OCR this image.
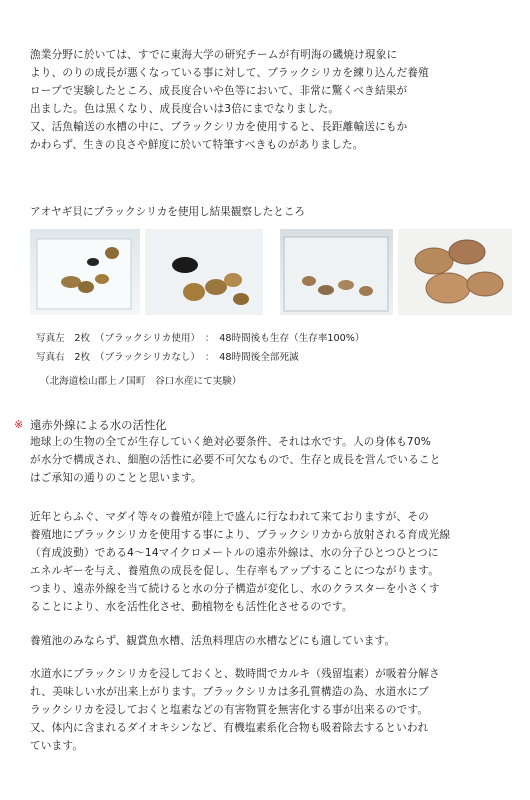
漁業分野に於いては、すでに東海大学の研究チームが有明海の磯焼け現象に
より、のりの成長が悪くなっている事に対して、ブラックシリカを練り込んだ養殖
ロープで実験したところ、成長度合いや色等において、非常に驚くべき結果が
出ました。色は黒くなり、成長度合いは3倍にまでなりました。
又、活魚輸送の水槽の中に、ブラックシリカを使用すると、長距離輸送にもか
かわらず、生きの良さや鮮度に於いて特筆すべきものがありました。
アオヤギ貝にブラックシリカを使用し結果観察したところ
写真左　2枚　（ブラックシリカ使用）　：　48時間後も生存（生存率100%）
写真右　2枚　（ブラックシリカなし）　：　48時間後全部死滅
（北海道桧山郡上ノ国町　谷口水産にて実験）
※ 遠赤外線による水の活性化
地球上の生物の全てが生存していく絶対必要条件、それは水です。人の身体も70%
が水分で構成され、細胞の活性に必要不可欠なもので、生存と成長を営んでいること
はご承知の通りのことと思います。
近年とらふぐ、マダイ等々の養殖が陸上で盛んに行なわれて来ておりますが、その
養殖地にブラックシリカを使用する事により、ブラックシリカから放射される育成光線
（育成波動）である4～14マイクロメートルの遠赤外線は、水の分子ひとつひとつに
エネルギーを与え、養殖魚の成長を促し、生存率もアップすることにつながります。
つまり、遠赤外線を当て続けると水の分子構造が変化し、水のクラスターを小さくす
ることにより、水を活性化させ、動植物をも活性化させるのです。
養殖池のみならず、観賞魚水槽、活魚料理店の水槽などにも適しています。
水道水にブラックシリカを浸しておくと、数時間でカルキ（残留塩素）が吸着分解さ
れ、美味しい水が出来上がります。ブラックシリカは多孔質構造の為、水道水にブ
ラックシリカを浸しておくと塩素などの有害物質を無害化する事が出来るのです。
又、体内に含まれるダイオキシンなど、有機塩素系化合物も吸着除去するといわれ
ています。
